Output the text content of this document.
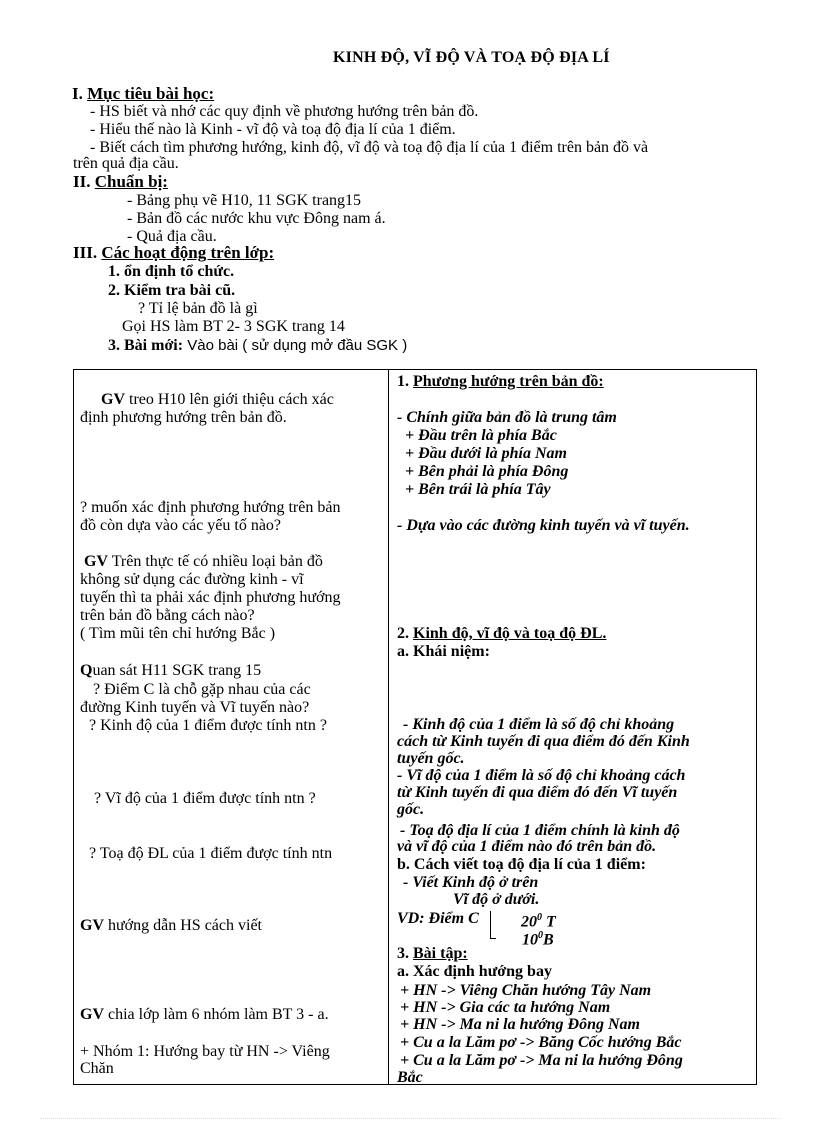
KINH ĐỘ, VĨ ĐỘ VÀ TOẠ ĐỘ ĐỊA LÍ
I. Mục tiêu bài học:
- HS biết và nhớ các quy định về phương hướng trên bản đồ.
- Hiểu thế nào là Kinh - vĩ độ và toạ độ địa lí của 1 điểm.
- Biết cách tìm phương hướng, kinh độ, vĩ độ và toạ độ địa lí của 1 điểm trên bản đồ và
trên quả địa cầu.
II. Chuẩn bị:
- Bảng phụ vẽ H10, 11 SGK trang15
- Bản đồ các nước khu vực Đông nam á.
- Quả địa cầu.
III. Các hoạt động trên lớp:
1. ổn định tổ chức.
2. Kiểm tra bài cũ.
? Tỉ lệ bản đồ là gì
Gọi HS làm BT 2- 3 SGK trang 14
3. Bài mới: Vào bài ( sử dụng mở đầu SGK )
GV treo H10 lên giới thiệu cách xác
định phương hướng trên bản đồ.
? muốn xác định phương hướng trên bản
đồ còn dựa vào các yếu tố nào?
GV Trên thực tế có nhiều loại bản đồ
không sử dụng các đường kinh - vĩ
tuyến thì ta phải xác định phương hướng
trên bản đồ bằng cách nào?
( Tìm mũi tên chỉ hướng Bắc )
Quan sát H11 SGK trang 15
? Điểm C là chỗ gặp nhau của các
đường Kinh tuyến và Vĩ tuyến nào?
? Kinh độ của 1 điểm được tính ntn ?
? Vĩ độ của 1 điểm được tính ntn ?
? Toạ độ ĐL của 1 điểm được tính ntn
GV hướng dẫn HS cách viết
GV chia lớp làm 6 nhóm làm BT 3 - a.
+ Nhóm 1: Hướng bay từ HN -> Viêng
Chăn
1. Phương hướng trên bản đồ:
- Chính giữa bản đồ là trung tâm
+ Đầu trên là phía Bắc
+ Đầu dưới là phía Nam
+ Bên phải là phía Đông
+ Bên trái là phía Tây
- Dựa vào các đường kinh tuyến và vĩ tuyến.
2. Kinh độ, vĩ độ và toạ độ ĐL.
a. Khái niệm:
- Kinh độ của 1 điểm là số độ chỉ khoảng
cách từ Kinh tuyến đi qua điểm đó đến Kinh
tuyến gốc.
- Vĩ độ của 1 điểm là số độ chỉ khoảng cách
từ Kinh tuyến đi qua điểm đó đến Vĩ tuyến
gốc.
- Toạ độ địa lí của 1 điểm chính là kinh độ
và vĩ độ của 1 điểm nào đó trên bản đồ.
b. Cách viết toạ độ địa lí của 1 điểm:
- Viết Kinh độ ở trên
Vĩ độ ở dưới.
VD: Điểm C	$20^0$ T
$10^0B$
3. Bài tập:
a. Xác định hướng bay
+ HN -> Viêng Chăn hướng Tây Nam
+ HN -> Gia các ta hướng Nam
+ HN -> Ma ni la hướng Đông Nam
+ Cu a la Lăm pơ -> Băng Cốc hướng Bắc
+ Cu a la Lăm pơ -> Ma ni la hướng Đông
Bắc
